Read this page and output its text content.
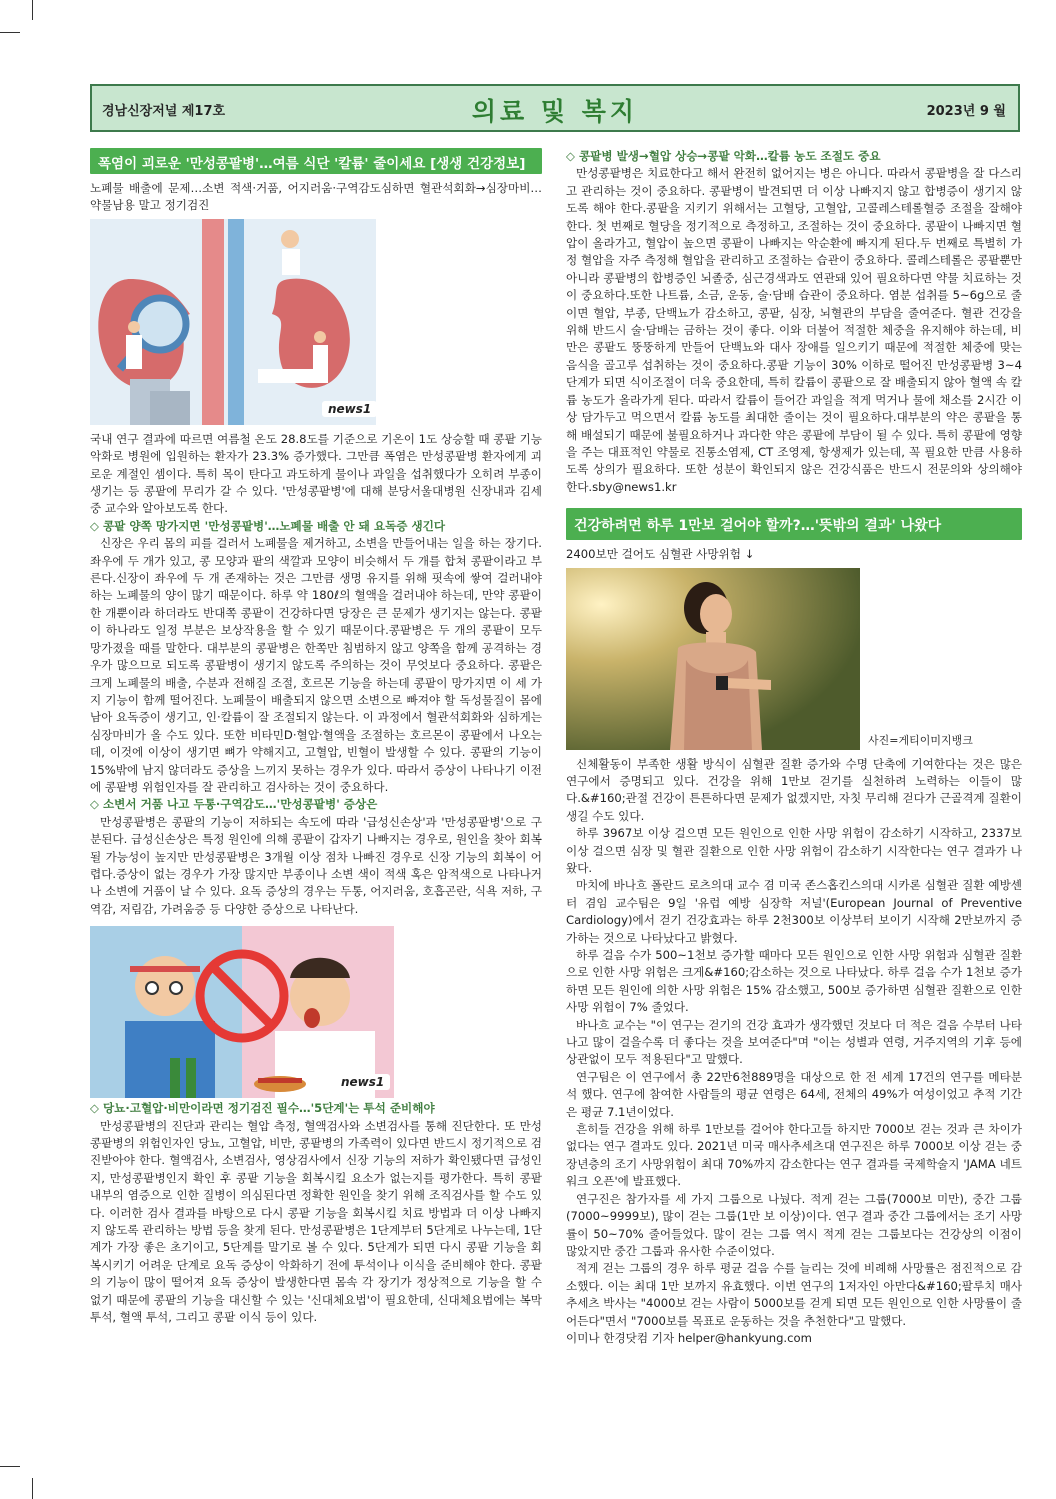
경남신장저널 제17호	의료 및 복지	2023년 9 월
폭염이 괴로운 '만성콩팥병'…여름 식단 '칼륨' 줄이세요 [생생 건강정보]

노폐물 배출에 문제…소변 적색·거품, 어지러움·구역감도심하면 혈관석회화→심장마비…약물남용 말고 정기검진

news1

국내 연구 결과에 따르면 여름철 온도 28.8도를 기준으로 기온이 1도 상승할 때 콩팥 기능 악화로 병원에 입원하는 환자가 23.3% 증가했다. 그만큼 폭염은 만성콩팥병 환자에게 괴로운 계절인 셈이다. 특히 목이 탄다고 과도하게 물이나 과일을 섭취했다가 오히려 부종이 생기는 등 콩팥에 무리가 갈 수 있다. '만성콩팥병'에 대해 분당서울대병원 신장내과 김세중 교수와 알아보도록 한다.

◇ 콩팥 양쪽 망가지면 '만성콩팥병'…노폐물 배출 안 돼 요독증 생긴다

신장은 우리 몸의 피를 걸러서 노폐물을 제거하고, 소변을 만들어내는 일을 하는 장기다. 좌우에 두 개가 있고, 콩 모양과 팥의 색깔과 모양이 비슷해서 두 개를 합쳐 콩팥이라고 부른다.신장이 좌우에 두 개 존재하는 것은 그만큼 생명 유지를 위해 핏속에 쌓여 걸러내야 하는 노폐물의 양이 많기 때문이다. 하루 약 180ℓ의 혈액을 걸러내야 하는데, 만약 콩팥이 한 개뿐이라 하더라도 반대쪽 콩팥이 건강하다면 당장은 큰 문제가 생기지는 않는다. 콩팥이 하나라도 일정 부분은 보상작용을 할 수 있기 때문이다.콩팥병은 두 개의 콩팥이 모두 망가졌을 때를 말한다. 대부분의 콩팥병은 한쪽만 침범하지 않고 양쪽을 함께 공격하는 경우가 많으므로 되도록 콩팥병이 생기지 않도록 주의하는 것이 무엇보다 중요하다. 콩팥은 크게 노폐물의 배출, 수분과 전해질 조절, 호르몬 기능을 하는데 콩팥이 망가지면 이 세 가지 기능이 함께 떨어진다. 노폐물이 배출되지 않으면 소변으로 빠져야 할 독성물질이 몸에 남아 요독증이 생기고, 인·칼륨이 잘 조절되지 않는다. 이 과정에서 혈관석회화와 심하게는 심장마비가 올 수도 있다. 또한 비타민D·혈압·혈액을 조절하는 호르몬이 콩팥에서 나오는데, 이것에 이상이 생기면 뼈가 약해지고, 고혈압, 빈혈이 발생할 수 있다. 콩팥의 기능이 15%밖에 남지 않더라도 증상을 느끼지 못하는 경우가 있다. 따라서 증상이 나타나기 이전에 콩팥병 위험인자를 잘 관리하고 검사하는 것이 중요하다.

◇ 소변서 거품 나고 두통·구역감도…'만성콩팥병' 증상은

만성콩팥병은 콩팥의 기능이 저하되는 속도에 따라 '급성신손상'과 '만성콩팥병'으로 구분된다. 급성신손상은 특정 원인에 의해 콩팥이 갑자기 나빠지는 경우로, 원인을 찾아 회복될 가능성이 높지만 만성콩팥병은 3개월 이상 점차 나빠진 경우로 신장 기능의 회복이 어렵다.증상이 없는 경우가 가장 많지만 부종이나 소변 색이 적색 혹은 암적색으로 나타나거나 소변에 거품이 날 수 있다. 요독 증상의 경우는 두통, 어지러움, 호흡곤란, 식욕 저하, 구역감, 저림감, 가려움증 등 다양한 증상으로 나타난다.

news1
◇ 당뇨·고혈압·비만이라면 정기검진 필수…'5단계'는 투석 준비해야

만성콩팥병의 진단과 관리는 혈압 측정, 혈액검사와 소변검사를 통해 진단한다. 또 만성콩팥병의 위험인자인 당뇨, 고혈압, 비만, 콩팥병의 가족력이 있다면 반드시 정기적으로 검진받아야 한다. 혈액검사, 소변검사, 영상검사에서 신장 기능의 저하가 확인됐다면 급성인지, 만성콩팥병인지 확인 후 콩팥 기능을 회복시킬 요소가 없는지를 평가한다. 특히 콩팥 내부의 염증으로 인한 질병이 의심된다면 정확한 원인을 찾기 위해 조직검사를 할 수도 있다. 이러한 검사 결과를 바탕으로 다시 콩팥 기능을 회복시킬 치료 방법과 더 이상 나빠지지 않도록 관리하는 방법 등을 찾게 된다. 만성콩팥병은 1단계부터 5단계로 나누는데, 1단계가 가장 좋은 초기이고, 5단계를 말기로 볼 수 있다. 5단계가 되면 다시 콩팥 기능을 회복시키기 어려운 단계로 요독 증상이 악화하기 전에 투석이나 이식을 준비해야 한다. 콩팥의 기능이 많이 떨어져 요독 증상이 발생한다면 몸속 각 장기가 정상적으로 기능을 할 수 없기 때문에 콩팥의 기능을 대신할 수 있는 '신대체요법'이 필요한데, 신대체요법에는 복막투석, 혈액 투석, 그리고 콩팥 이식 등이 있다.

◇ 콩팥병 발생→혈압 상승→콩팥 악화…칼륨 농도 조절도 중요

만성콩팥병은 치료한다고 해서 완전히 없어지는 병은 아니다. 따라서 콩팥병을 잘 다스리고 관리하는 것이 중요하다. 콩팥병이 발견되면 더 이상 나빠지지 않고 합병증이 생기지 않도록 해야 한다.콩팥을 지키기 위해서는 고혈당, 고혈압, 고콜레스테롤혈증 조절을 잘해야 한다. 첫 번째로 혈당을 정기적으로 측정하고, 조절하는 것이 중요하다. 콩팥이 나빠지면 혈압이 올라가고, 혈압이 높으면 콩팥이 나빠지는 악순환에 빠지게 된다.두 번째로 특별히 가정 혈압을 자주 측정해 혈압을 관리하고 조절하는 습관이 중요하다. 콜레스테롤은 콩팥뿐만 아니라 콩팥병의 합병증인 뇌졸중, 심근경색과도 연관돼 있어 필요하다면 약물 치료하는 것이 중요하다.또한 나트륨, 소금, 운동, 술·담배 습관이 중요하다. 염분 섭취를 5~6g으로 줄이면 혈압, 부종, 단백뇨가 감소하고, 콩팥, 심장, 뇌혈관의 부담을 줄여준다. 혈관 건강을 위해 반드시 술·담배는 금하는 것이 좋다. 이와 더불어 적절한 체중을 유지해야 하는데, 비만은 콩팥도 뚱뚱하게 만들어 단백뇨와 대사 장애를 일으키기 때문에 적절한 체중에 맞는 음식을 골고루 섭취하는 것이 중요하다.콩팥 기능이 30% 이하로 떨어진 만성콩팥병 3~4단계가 되면 식이조절이 더욱 중요한데, 특히 칼륨이 콩팥으로 잘 배출되지 않아 혈액 속 칼륨 농도가 올라가게 된다. 따라서 칼륨이 들어간 과일을 적게 먹거나 물에 채소를 2시간 이상 담가두고 먹으면서 칼륨 농도를 최대한 줄이는 것이 필요하다.대부분의 약은 콩팥을 통해 배설되기 때문에 불필요하거나 과다한 약은 콩팥에 부담이 될 수 있다. 특히 콩팥에 영향을 주는 대표적인 약물로 진통소염제, CT 조영제, 항생제가 있는데, 꼭 필요한 만큼 사용하도록 상의가 필요하다. 또한 성분이 확인되지 않은 건강식품은 반드시 전문의와 상의해야 한다.sby@news1.kr

건강하려면 하루 1만보 걸어야 할까?…'뜻밖의 결과' 나왔다

2400보만 걸어도 심혈관 사망위험 ↓

사진=게티이미지뱅크

신체활동이 부족한 생활 방식이 심혈관 질환 증가와 수명 단축에 기여한다는 것은 많은 연구에서 증명되고 있다. 건강을 위해 1만보 걷기를 실천하려 노력하는 이들이 많다.&#160;관절 건강이 튼튼하다면 문제가 없겠지만, 자칫 무리해 걷다가 근골격계 질환이 생길 수도 있다.

하루 3967보 이상 걸으면 모든 원인으로 인한 사망 위험이 감소하기 시작하고, 2337보 이상 걸으면 심장 및 혈관 질환으로 인한 사망 위험이 감소하기 시작한다는 연구 결과가 나왔다.

마치에 바나흐 폴란드 로츠의대 교수 겸 미국 존스홉킨스의대 시카론 심혈관 질환 예방센터 겸임 교수팀은 9일 '유럽 예방 심장학 저널'(European Journal of Preventive Cardiology)에서 걷기 건강효과는 하루 2천300보 이상부터 보이기 시작해 2만보까지 증가하는 것으로 나타났다고 밝혔다.

하루 걸음 수가 500~1천보 증가할 때마다 모든 원인으로 인한 사망 위험과 심혈관 질환으로 인한 사망 위험은 크게&#160;감소하는 것으로 나타났다. 하루 걸음 수가 1천보 증가하면 모든 원인에 의한 사망 위험은 15% 감소했고, 500보 증가하면 심혈관 질환으로 인한 사망 위험이 7% 줄었다.

바나흐 교수는 "이 연구는 걷기의 건강 효과가 생각했던 것보다 더 적은 걸음 수부터 나타나고 많이 걸을수록 더 좋다는 것을 보여준다"며 "이는 성별과 연령, 거주지역의 기후 등에 상관없이 모두 적용된다"고 말했다.

연구팀은 이 연구에서 총 22만6천889명을 대상으로 한 전 세계 17건의 연구를 메타분석 했다. 연구에 참여한 사람들의 평균 연령은 64세, 전체의 49%가 여성이었고 추적 기간은 평균 7.1년이었다.

흔히들 건강을 위해 하루 1만보를 걸어야 한다고들 하지만 7000보 걷는 것과 큰 차이가 없다는 연구 결과도 있다. 2021년 미국 매사추세츠대 연구진은 하루 7000보 이상 걷는 중장년층의 조기 사망위험이 최대 70%까지 감소한다는 연구 결과를 국제학술지 'JAMA 네트워크 오픈'에 발표했다.

연구진은 참가자를 세 가지 그룹으로 나눴다. 적게 걷는 그룹(7000보 미만), 중간 그룹(7000~9999보), 많이 걷는 그룹(1만 보 이상)이다. 연구 결과 중간 그룹에서는 조기 사망률이 50~70% 줄어들었다. 많이 걷는 그룹 역시 적게 걷는 그룹보다는 건강상의 이점이 많았지만 중간 그룹과 유사한 수준이었다.

적게 걷는 그룹의 경우 하루 평균 걸음 수를 늘리는 것에 비례해 사망률은 점진적으로 감소했다. 이는 최대 1만 보까지 유효했다. 이번 연구의 1저자인 아만다&#160;팔루치 매사추세츠 박사는 "4000보 걷는 사람이 5000보를 걷게 되면 모든 원인으로 인한 사망률이 줄어든다"면서 "7000보를 목표로 운동하는 것을 추천한다"고 말했다.

이미나 한경닷컴 기자 helper@hankyung.com
